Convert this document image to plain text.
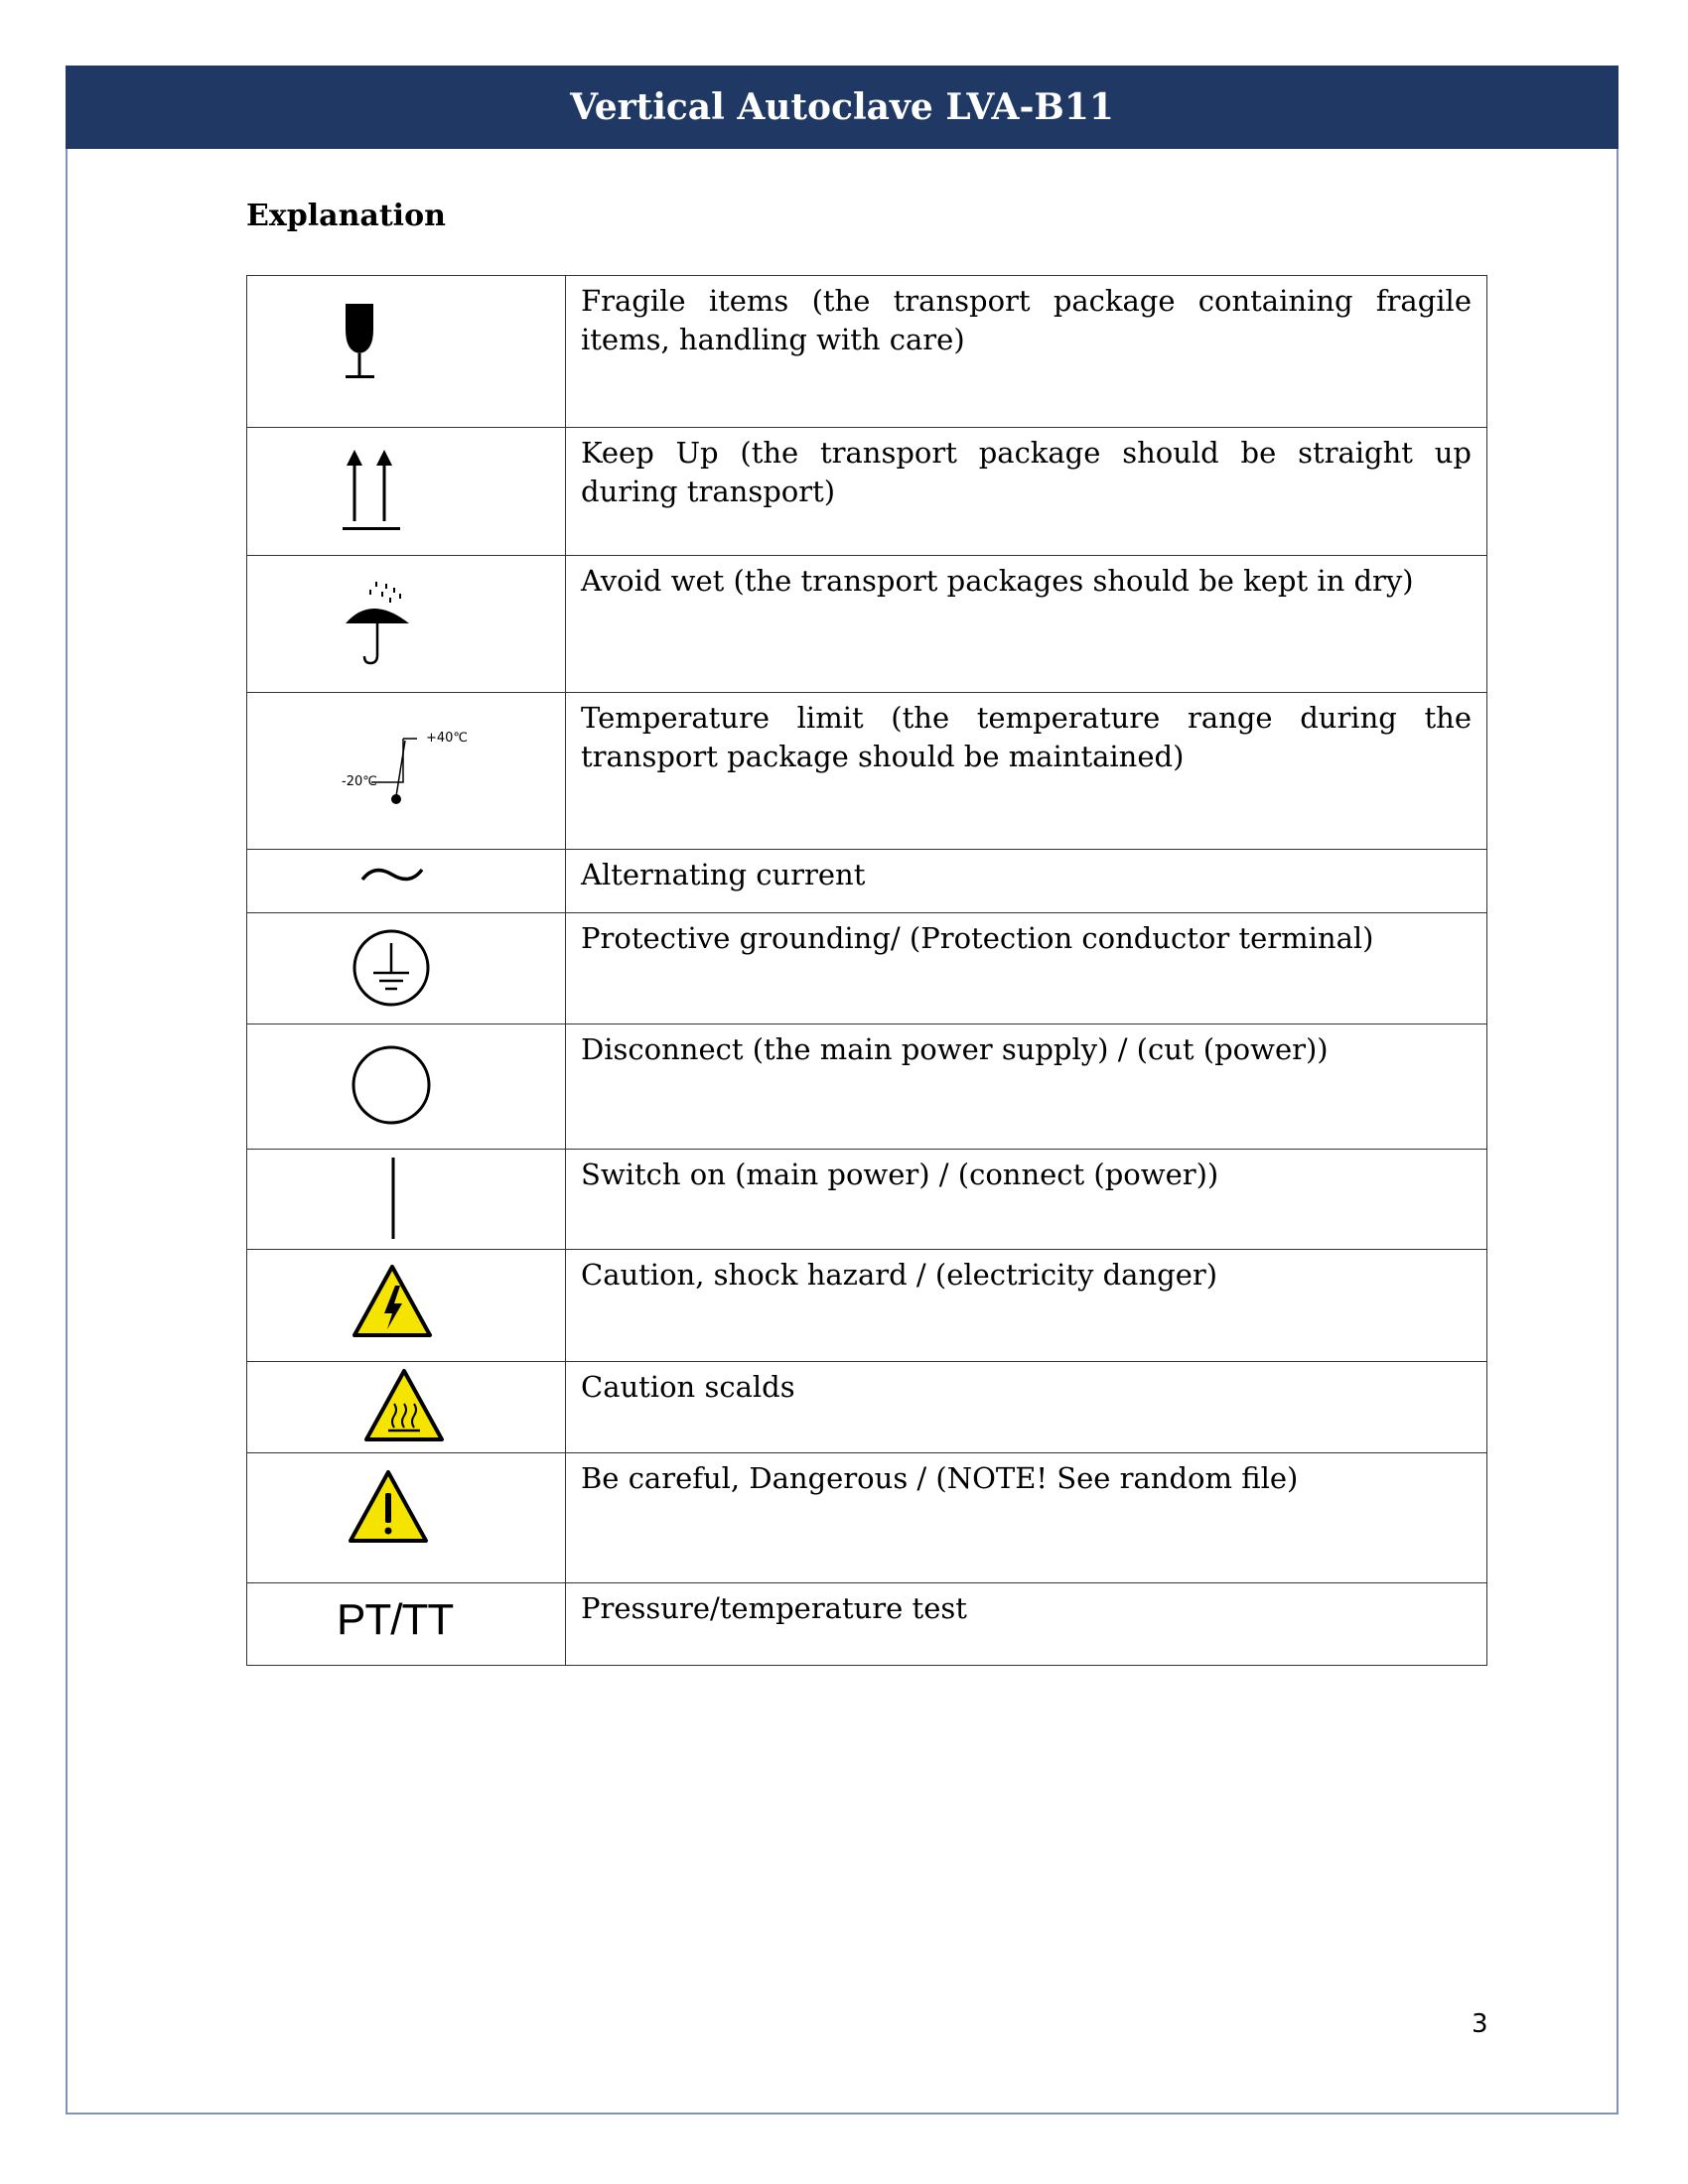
Vertical Autoclave LVA-B11
Explanation
	Fragile items (the transport package containing fragile items, handling with care)

	Keep Up (the transport package should be straight up during transport)

	Avoid wet (the transport packages should be kept in dry)

+40℃
-20℃	Temperature limit (the temperature range during the transport package should be maintained)

	Alternating current

	Protective grounding/ (Protection conductor terminal)

	Disconnect (the main power supply) / (cut (power))

	Switch on (main power) / (connect (power))

	Caution, shock hazard / (electricity danger)

	Caution scalds

	Be careful, Dangerous / (NOTE! See random file)

PT/TT	Pressure/temperature test
3
